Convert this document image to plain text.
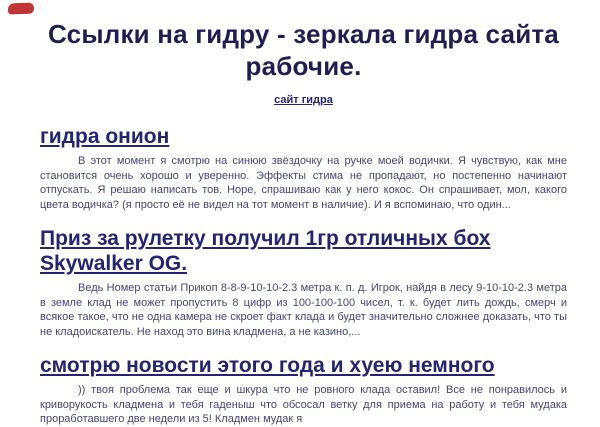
Ссылки на гидру - зеркала гидра сайта рабочие.
сайт гидра
гидра онион

В этот момент я смотрю на синюю звёздочку на ручке моей водички. Я чувствую, как мне становится очень хорошо и уверенно. Эффекты стима не пропадают, но постепенно начинают отпускать. Я решаю написать тов. Норе, спрашиваю как у него кокос. Он спрашивает, мол, какого цвета водичка? (я просто её не видел на тот момент в наличие). И я вспоминаю, что один...

Приз за рулетку получил 1гр отличных бох Skywalker OG.

Ведь Номер статьи Прикоп 8-8-9-10-10-2.3 метра к. п. д. Игрок, найдя в лесу 9-10-10-2.3 метра в земле клад не может пропустить 8 цифр из 100-100-100 чисел, т. к. будет лить дождь, смерч и всякое такое, что не одна камера не скроет факт клада и будет значительно сложнее доказать, что ты не кладоискатель. Не наход это вина кладмена, а не казино,...

смотрю новости этого года и хуею немного

)) твоя проблема так еще и шкура что не ровного клада оставил! Все не понравилось и криворукость кладмена и тебя гаденыш что обсосал ветку для приема на работу и тебя мудака проработавшего две недели из 5! Кладмен мудак я
